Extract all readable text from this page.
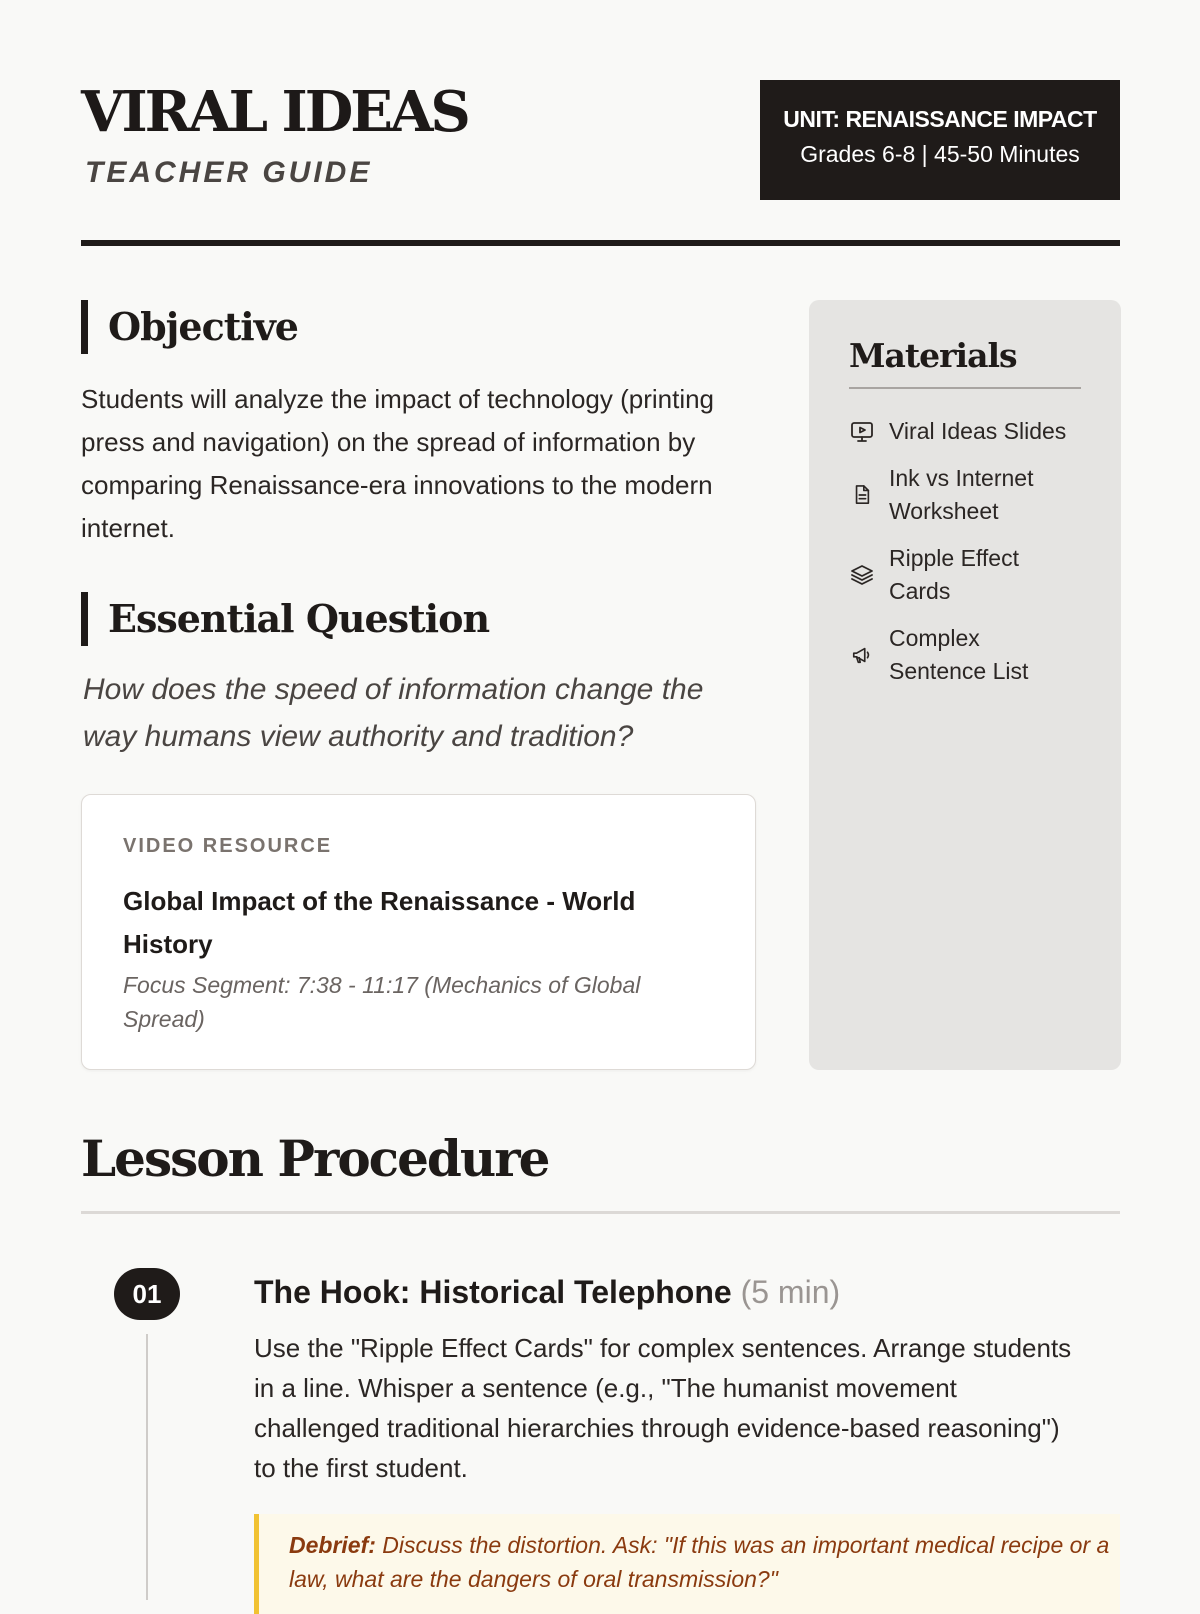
VIRAL IDEAS
TEACHER GUIDE
UNIT: RENAISSANCE IMPACT
Grades 6-8 | 45-50 Minutes
Objective

Students will analyze the impact of technology (printing press and navigation) on the spread of information by comparing Renaissance-era innovations to the modern internet.

Essential Question

How does the speed of information change the way humans view authority and tradition?

VIDEO RESOURCE
Global Impact of the Renaissance - World History
Focus Segment: 7:38 - 11:17 (Mechanics of Global Spread)
Materials
Viral Ideas Slides
Ink vs Internet Worksheet
Ripple Effect Cards
Complex Sentence List
Lesson Procedure
01	The Hook: Historical Telephone (5 min)

Use the "Ripple Effect Cards" for complex sentences. Arrange students in a line. Whisper a sentence (e.g., "The humanist movement challenged traditional hierarchies through evidence-based reasoning") to the first student.

Debrief: Discuss the distortion. Ask: "If this was an important medical recipe or a law, what are the dangers of oral transmission?"
